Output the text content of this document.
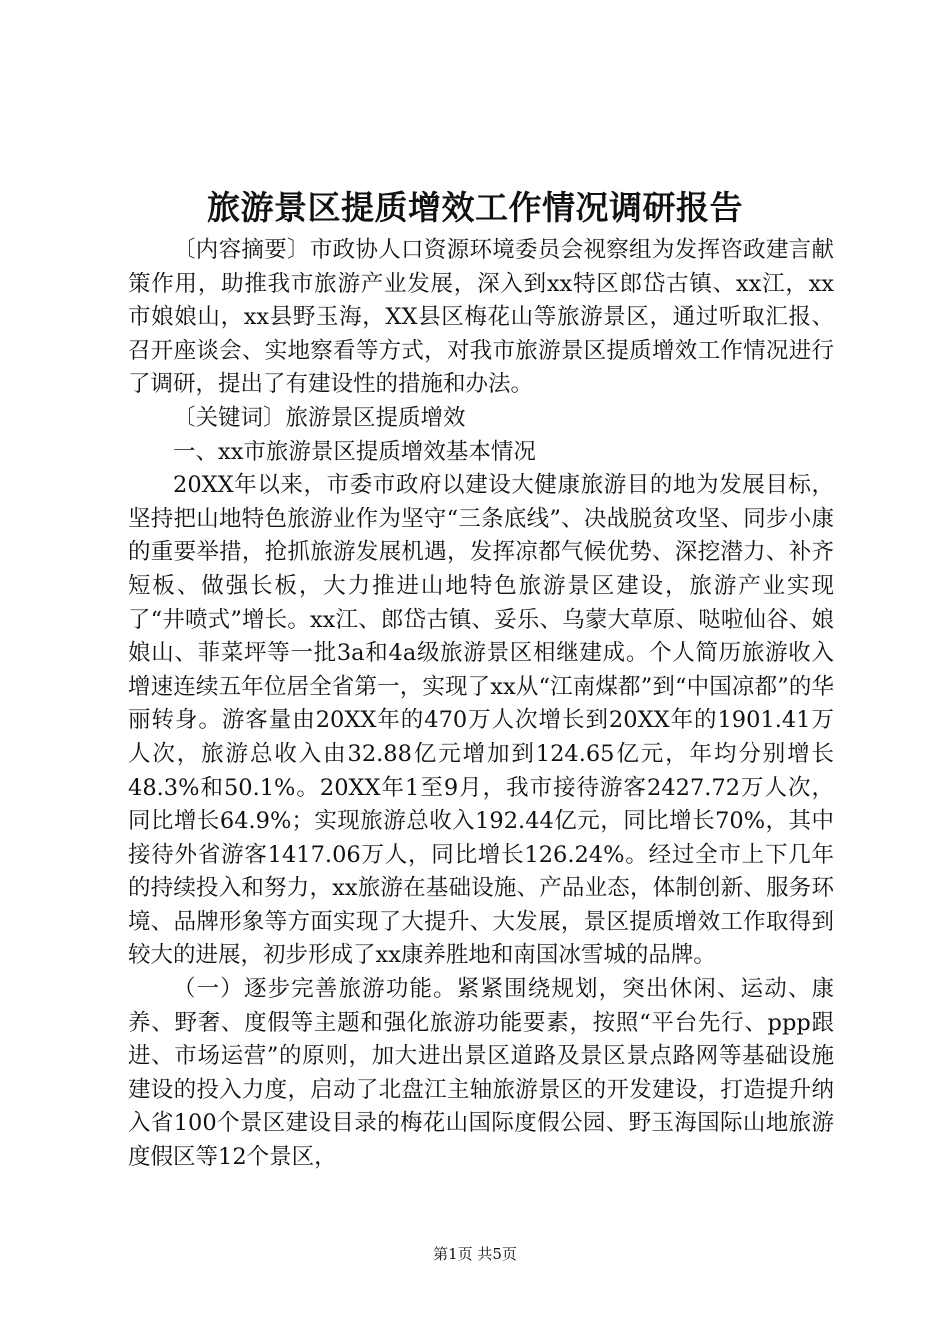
旅游景区提质增效工作情况调研报告

〔内容摘要〕市政协人口资源环境委员会视察组为发挥咨政建言献策作用，助推我市旅游产业发展，深入到xx特区郎岱古镇、xx江，xx市娘娘山，xx县野玉海，XX县区梅花山等旅游景区，通过听取汇报、召开座谈会、实地察看等方式，对我市旅游景区提质增效工作情况进行了调研，提出了有建设性的措施和办法。

〔关键词〕旅游景区提质增效

一、xx市旅游景区提质增效基本情况

20XX年以来，市委市政府以建设大健康旅游目的地为发展目标，坚持把山地特色旅游业作为坚守“三条底线”、决战脱贫攻坚、同步小康的重要举措，抢抓旅游发展机遇，发挥凉都气候优势、深挖潜力、补齐短板、做强长板，大力推进山地特色旅游景区建设，旅游产业实现了“井喷式”增长。xx江、郎岱古镇、妥乐、乌蒙大草原、哒啦仙谷、娘娘山、菲菜坪等一批3a和4a级旅游景区相继建成。个人简历旅游收入增速连续五年位居全省第一，实现了xx从“江南煤都”到“中国凉都”的华丽转身。游客量由20XX年的470万人次增长到20XX年的1901.41万人次，旅游总收入由32.88亿元增加到124.65亿元，年均分别增长48.3%和50.1%。20XX年1至9月，我市接待游客2427.72万人次，同比增长64.9%；实现旅游总收入192.44亿元，同比增长70%，其中接待外省游客1417.06万人，同比增长126.24%。经过全市上下几年的持续投入和努力，xx旅游在基础设施、产品业态，体制创新、服务环境、品牌形象等方面实现了大提升、大发展，景区提质增效工作取得到较大的进展，初步形成了xx康养胜地和南国冰雪城的品牌。

（一）逐步完善旅游功能。紧紧围绕规划，突出休闲、运动、康养、野奢、度假等主题和强化旅游功能要素，按照“平台先行、ppp跟进、市场运营”的原则，加大进出景区道路及景区景点路网等基础设施建设的投入力度，启动了北盘江主轴旅游景区的开发建设，打造提升纳入省100个景区建设目录的梅花山国际度假公园、野玉海国际山地旅游度假区等12个景区，

第1页 共5页
